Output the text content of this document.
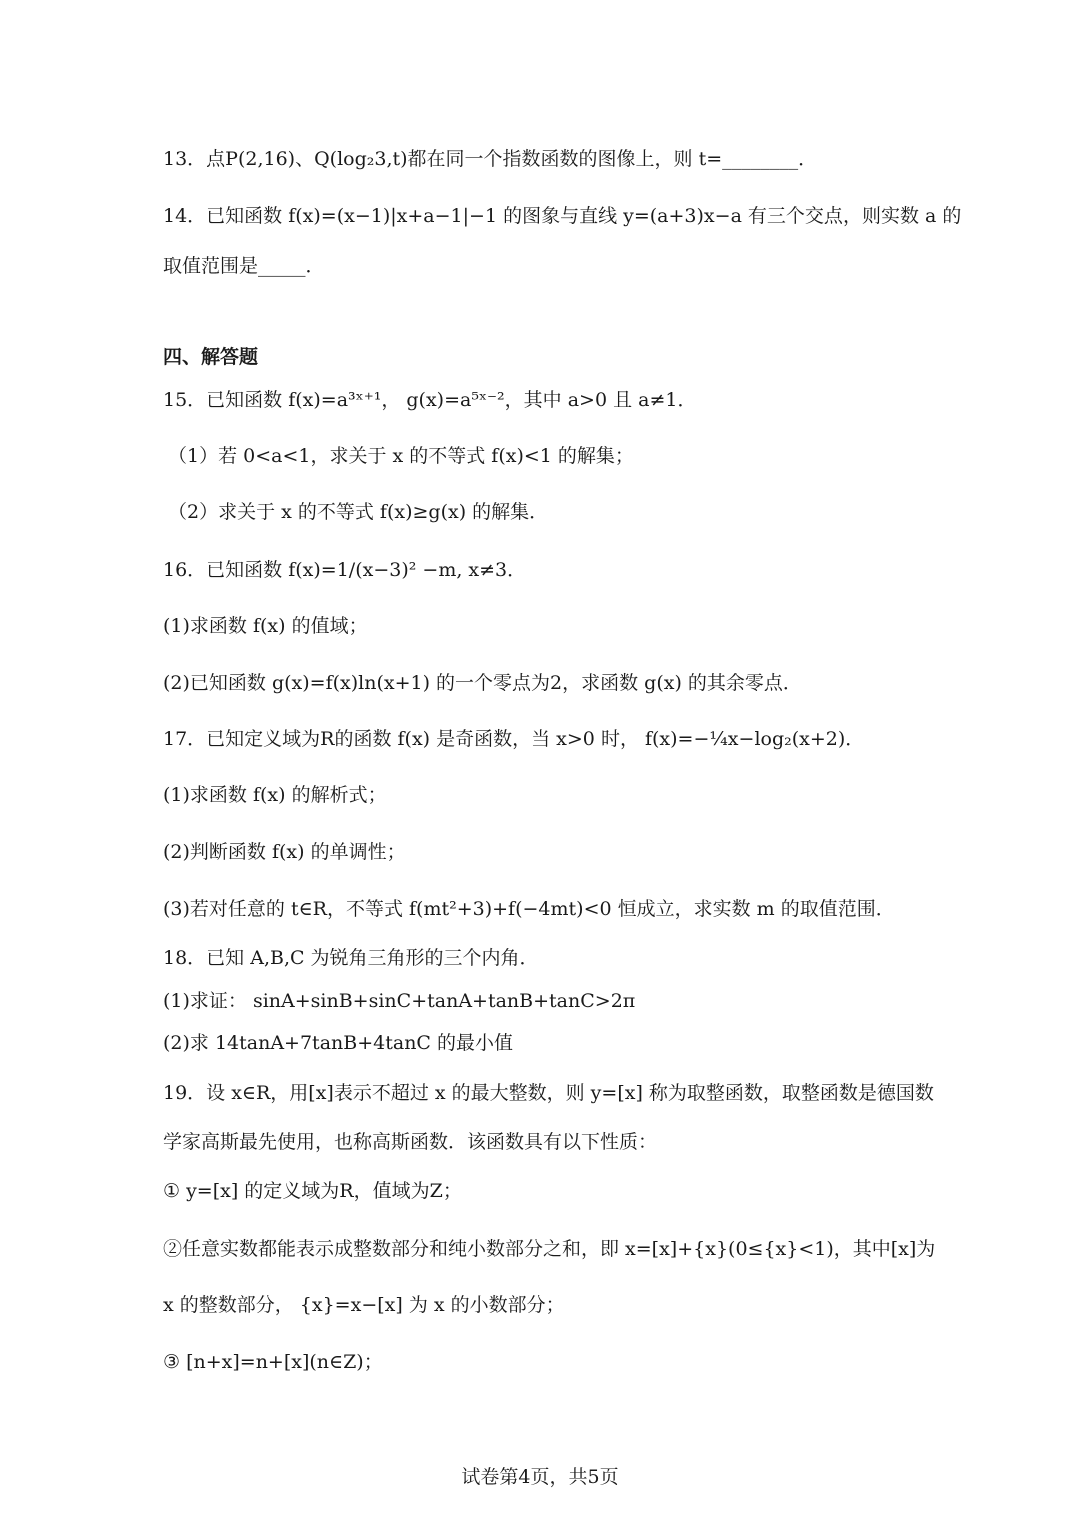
13．点P(2,16)、Q(log₂3,t)都在同一个指数函数的图像上，则 t=________．
14．已知函数 f(x)=(x−1)|x+a−1|−1 的图象与直线 y=(a+3)x−a 有三个交点，则实数 a 的
取值范围是_____．
四、解答题
15．已知函数 f(x)=a³ˣ⁺¹， g(x)=a⁵ˣ⁻²，其中 a>0 且 a≠1．
（1）若 0<a<1，求关于 x 的不等式 f(x)<1 的解集；
（2）求关于 x 的不等式 f(x)≥g(x) 的解集．
16．已知函数 f(x)=1/(x−3)² −m, x≠3．
(1)求函数 f(x) 的值域；
(2)已知函数 g(x)=f(x)ln(x+1) 的一个零点为2，求函数 g(x) 的其余零点．
17．已知定义域为R的函数 f(x) 是奇函数，当 x>0 时， f(x)=−¼x−log₂(x+2)．
(1)求函数 f(x) 的解析式；
(2)判断函数 f(x) 的单调性；
(3)若对任意的 t∈R，不等式 f(mt²+3)+f(−4mt)<0 恒成立，求实数 m 的取值范围．
18．已知 A,B,C 为锐角三角形的三个内角．
(1)求证： sinA+sinB+sinC+tanA+tanB+tanC>2π
(2)求 14tanA+7tanB+4tanC 的最小值
19．设 x∈R，用[x]表示不超过 x 的最大整数，则 y=[x] 称为取整函数，取整函数是德国数
学家高斯最先使用，也称高斯函数．该函数具有以下性质：
① y=[x] 的定义域为R，值域为Z；
②任意实数都能表示成整数部分和纯小数部分之和，即 x=[x]+{x}(0≤{x}<1)，其中[x]为
x 的整数部分， {x}=x−[x] 为 x 的小数部分；
③ [n+x]=n+[x](n∈Z)；
试卷第4页，共5页
